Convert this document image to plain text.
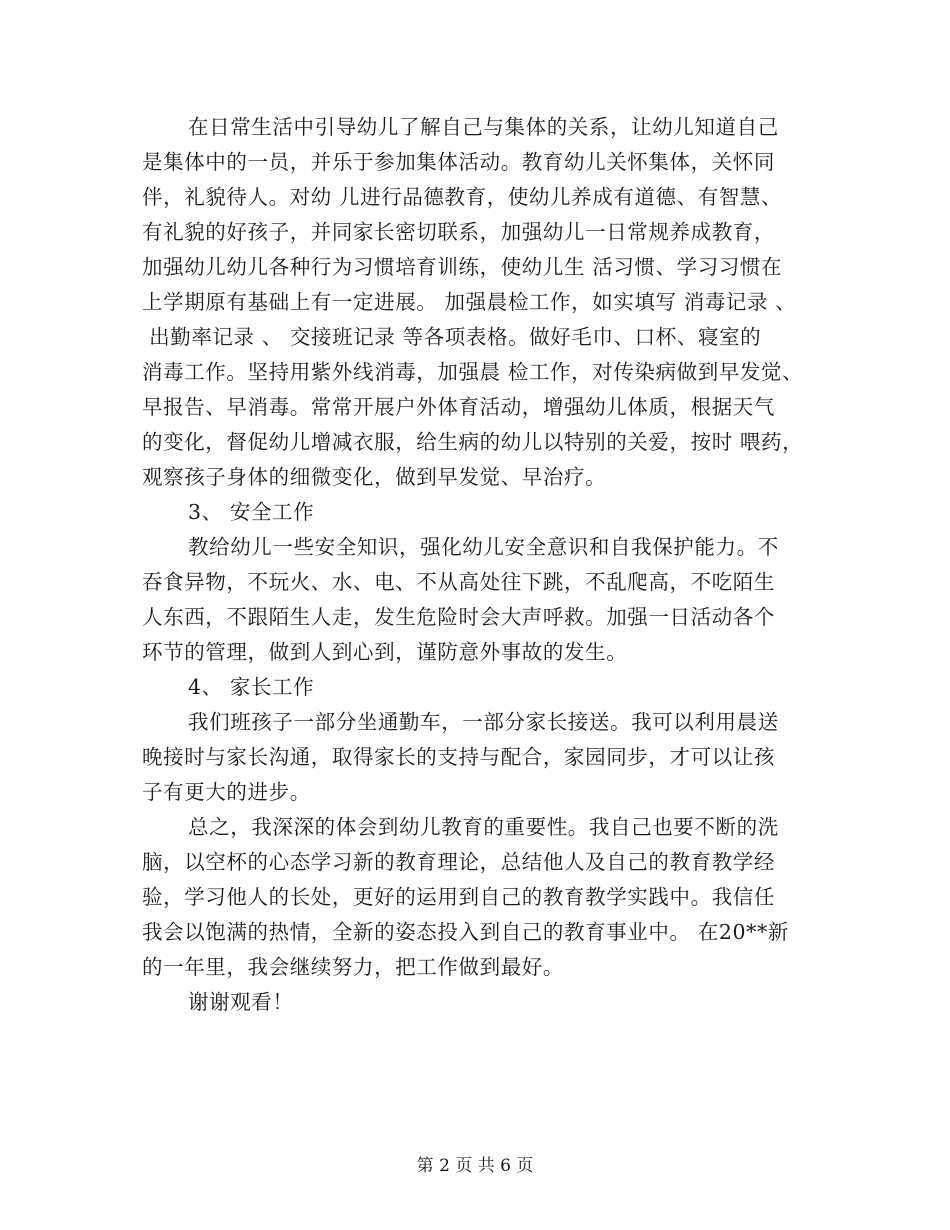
在日常生活中引导幼儿了解自己与集体的关系，让幼儿知道自己
是集体中的一员，并乐于参加集体活动。教育幼儿关怀集体，关怀同
伴，礼貌待人。对幼 儿进行品德教育，使幼儿养成有道德、有智慧、
有礼貌的好孩子，并同家长密切联系，加强幼儿一日常规养成教育，
加强幼儿幼儿各种行为习惯培育训练，使幼儿生 活习惯、学习习惯在
上学期原有基础上有一定进展。 加强晨检工作，如实填写 消毒记录 、
出勤率记录 、 交接班记录 等各项表格。做好毛巾、口杯、寝室的
消毒工作。坚持用紫外线消毒，加强晨 检工作，对传染病做到早发觉、
早报告、早消毒。常常开展户外体育活动，增强幼儿体质，根据天气
的变化，督促幼儿增减衣服，给生病的幼儿以特别的关爱，按时 喂药，
观察孩子身体的细微变化，做到早发觉、早治疗。
3、 安全工作
教给幼儿一些安全知识，强化幼儿安全意识和自我保护能力。不
吞食异物，不玩火、水、电、不从高处往下跳，不乱爬高，不吃陌生
人东西，不跟陌生人走，发生危险时会大声呼救。加强一日活动各个
环节的管理，做到人到心到，谨防意外事故的发生。
4、 家长工作
我们班孩子一部分坐通勤车，一部分家长接送。我可以利用晨送
晚接时与家长沟通，取得家长的支持与配合，家园同步，才可以让孩
子有更大的进步。
总之，我深深的体会到幼儿教育的重要性。我自己也要不断的洗
脑，以空杯的心态学习新的教育理论，总结他人及自己的教育教学经
验，学习他人的长处，更好的运用到自己的教育教学实践中。我信任
我会以饱满的热情，全新的姿态投入到自己的教育事业中。 在20**新
的一年里，我会继续努力，把工作做到最好。
谢谢观看！
第 2 页 共 6 页
